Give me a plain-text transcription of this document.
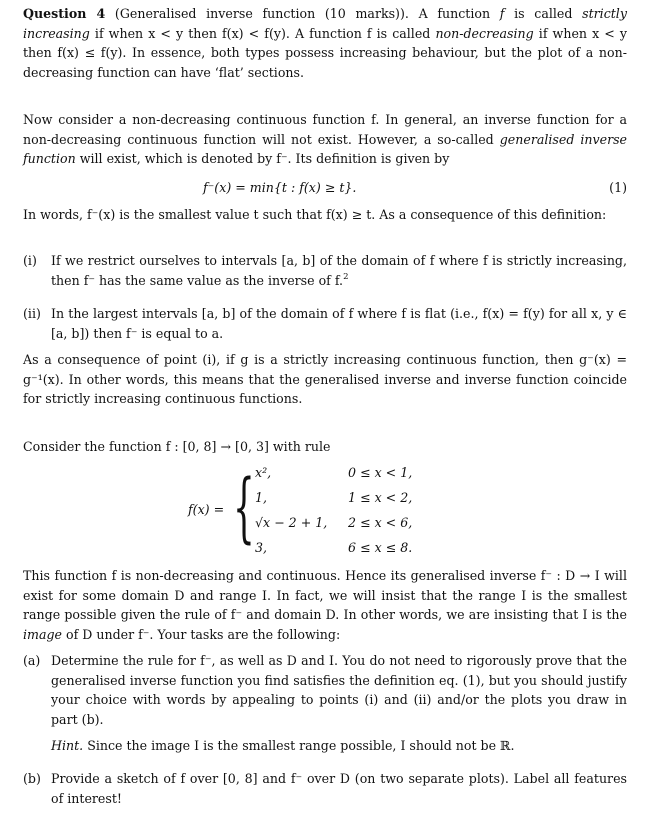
Question 4 (Generalised inverse function (10 marks)). A function f is called strictly increasing if when x < y then f(x) < f(y). A function f is called non-decreasing if when x < y then f(x) ≤ f(y). In essence, both types possess increasing behaviour, but the plot of a non-decreasing function can have ‘flat’ sections.
Now consider a non-decreasing continuous function f. In general, an inverse function for a non-decreasing continuous function will not exist. However, a so-called generalised inverse function will exist, which is denoted by f⁻. Its definition is given by
f⁻(x) = min{t : f(x) ≥ t}.	(1)
In words, f⁻(x) is the smallest value t such that f(x) ≥ t. As a consequence of this definition:
(i) If we restrict ourselves to intervals [a, b] of the domain of f where f is strictly increasing, then f⁻ has the same value as the inverse of f.$^2$
(ii) In the largest intervals [a, b] of the domain of f where f is flat (i.e., f(x) = f(y) for all x, y ∈ [a, b]) then f⁻ is equal to a.
As a consequence of point (i), if g is a strictly increasing continuous function, then g⁻(x) = g⁻¹(x). In other words, this means that the generalised inverse and inverse function coincide for strictly increasing continuous functions.
Consider the function f : [0, 8] → [0, 3] with rule
f(x) = { x²,	0 ≤ x < 1,
1,	1 ≤ x < 2,
√x − 2 + 1, 2 ≤ x < 6,
3,	6 ≤ x ≤ 8.
This function f is non-decreasing and continuous. Hence its generalised inverse f⁻ : D → I will exist for some domain D and range I. In fact, we will insist that the range I is the smallest range possible given the rule of f⁻ and domain D. In other words, we are insisting that I is the image of D under f⁻. Your tasks are the following:
(a) Determine the rule for f⁻, as well as D and I. You do not need to rigorously prove that the generalised inverse function you find satisfies the definition eq. (1), but you should justify your choice with words by appealing to points (i) and (ii) and/or the plots you draw in part (b).
Hint. Since the image I is the smallest range possible, I should not be ℝ.
(b) Provide a sketch of f over [0, 8] and f⁻ over D (on two separate plots). Label all features of interest!
